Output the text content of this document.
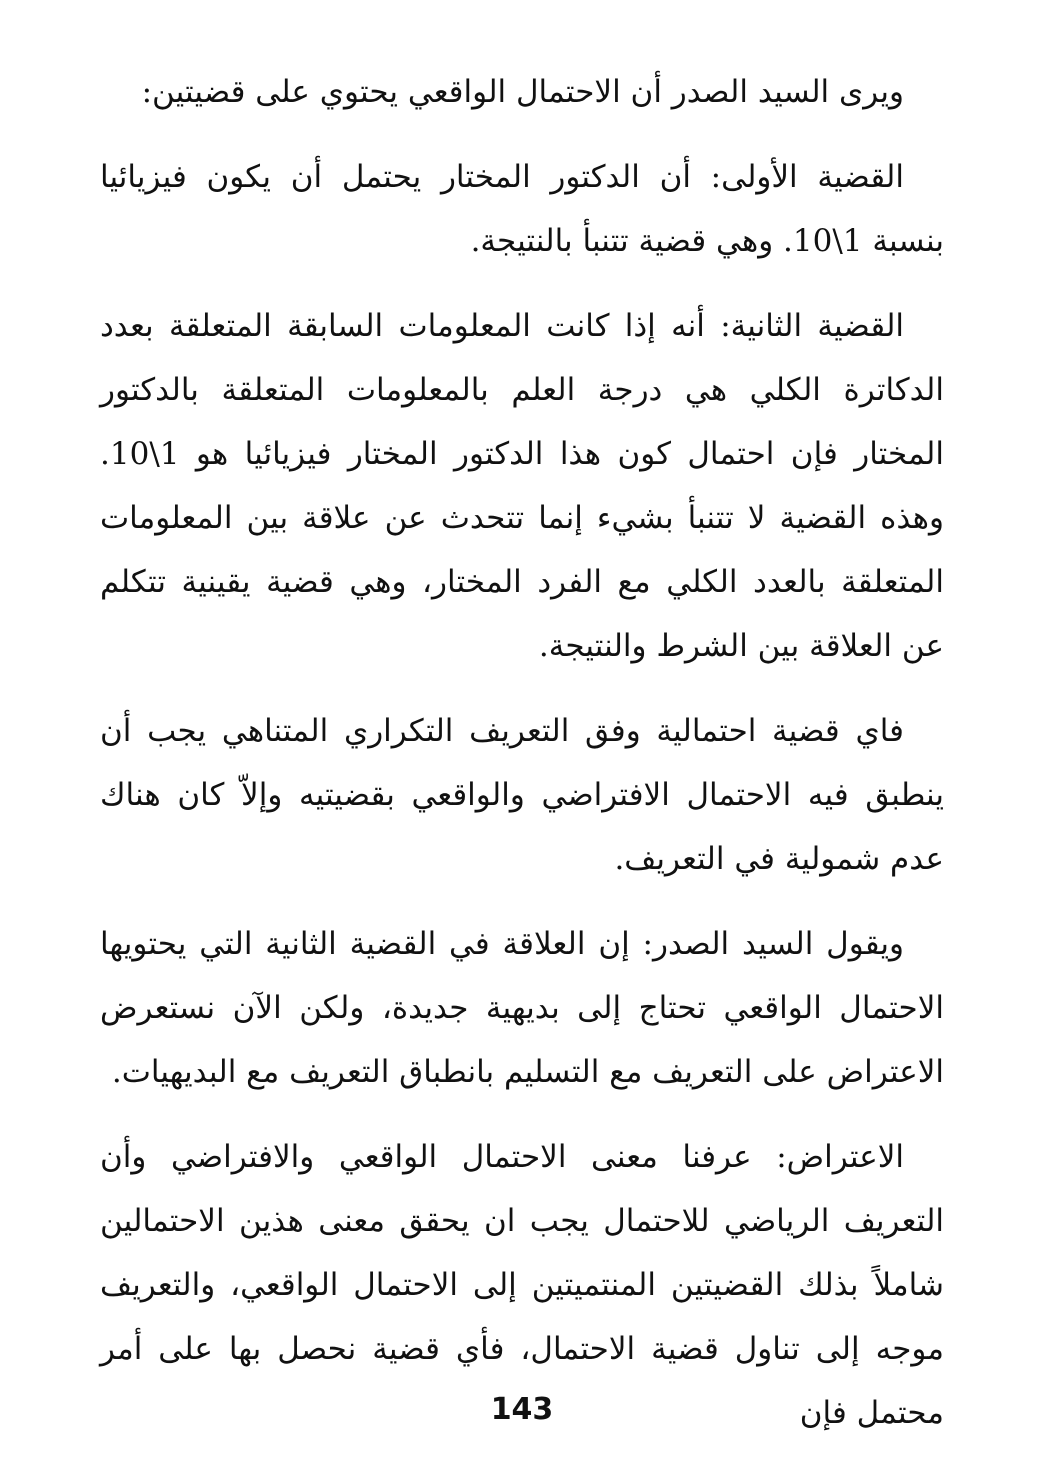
ويرى السيد الصدر أن الاحتمال الواقعي يحتوي على قضيتين:

القضية الأولى: أن الدكتور المختار يحتمل أن يكون فيزيائيا بنسبة 1\10. وهي قضية تتنبأ بالنتيجة.

القضية الثانية: أنه إذا كانت المعلومات السابقة المتعلقة بعدد الدكاترة الكلي هي درجة العلم بالمعلومات المتعلقة بالدكتور المختار فإن احتمال كون هذا الدكتور المختار فيزيائيا هو 1\10. وهذه القضية لا تتنبأ بشيء إنما تتحدث عن علاقة بين المعلومات المتعلقة بالعدد الكلي مع الفرد المختار، وهي قضية يقينية تتكلم عن العلاقة بين الشرط والنتيجة.

فاي قضية احتمالية وفق التعريف التكراري المتناهي يجب أن ينطبق فيه الاحتمال الافتراضي والواقعي بقضيتيه وإلاّ كان هناك عدم شمولية في التعريف.

ويقول السيد الصدر: إن العلاقة في القضية الثانية التي يحتويها الاحتمال الواقعي تحتاج إلى بديهية جديدة، ولكن الآن نستعرض الاعتراض على التعريف مع التسليم بانطباق التعريف مع البديهيات.

الاعتراض: عرفنا معنى الاحتمال الواقعي والافتراضي وأن التعريف الرياضي للاحتمال يجب ان يحقق معنى هذين الاحتمالين شاملاً بذلك القضيتين المنتميتين إلى الاحتمال الواقعي، والتعريف موجه إلى تناول قضية الاحتمال، فأي قضية نحصل بها على أمر محتمل فإن

143
